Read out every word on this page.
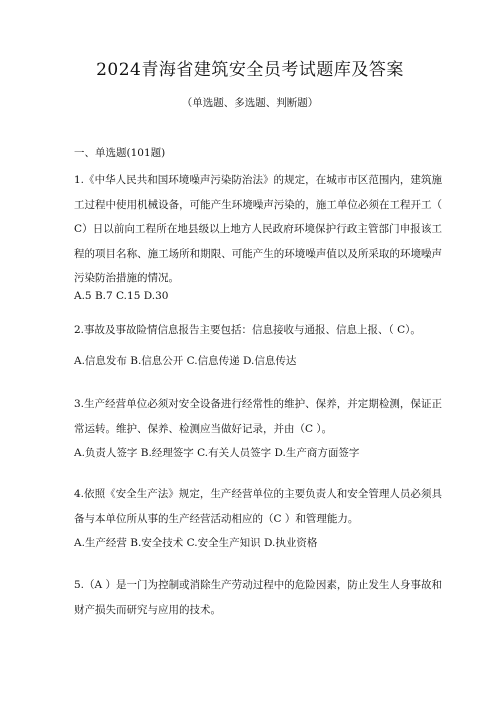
2024青海省建筑安全员考试题库及答案
（单选题、多选题、判断题）

一、单选题(101题)

1.《中华人民共和国环境噪声污染防治法》的规定，在城市市区范围内，建筑施工过程中使用机械设备，可能产生环境噪声污染的，施工单位必须在工程开工（ C）日以前向工程所在地县级以上地方人民政府环境保护行政主管部门申报该工程的项目名称、施工场所和期限、可能产生的环境噪声值以及所采取的环境噪声污染防治措施的情况。

A.5 B.7 C.15 D.30

2.事故及事故险情信息报告主要包括：信息接收与通报、信息上报、（ C）。

A.信息发布 B.信息公开 C.信息传递 D.信息传达

3.生产经营单位必须对安全设备进行经常性的维护、保养，并定期检测，保证正常运转。维护、保养、检测应当做好记录，并由（C ）。

A.负责人签字 B.经理签字 C.有关人员签字 D.生产商方面签字

4.依照《安全生产法》规定，生产经营单位的主要负责人和安全管理人员必须具备与本单位所从事的生产经营活动相应的（C ）和管理能力。

A.生产经营 B.安全技术 C.安全生产知识 D.执业资格

5.（A ）是一门为控制或消除生产劳动过程中的危险因素，防止发生人身事故和财产损失而研究与应用的技术。
